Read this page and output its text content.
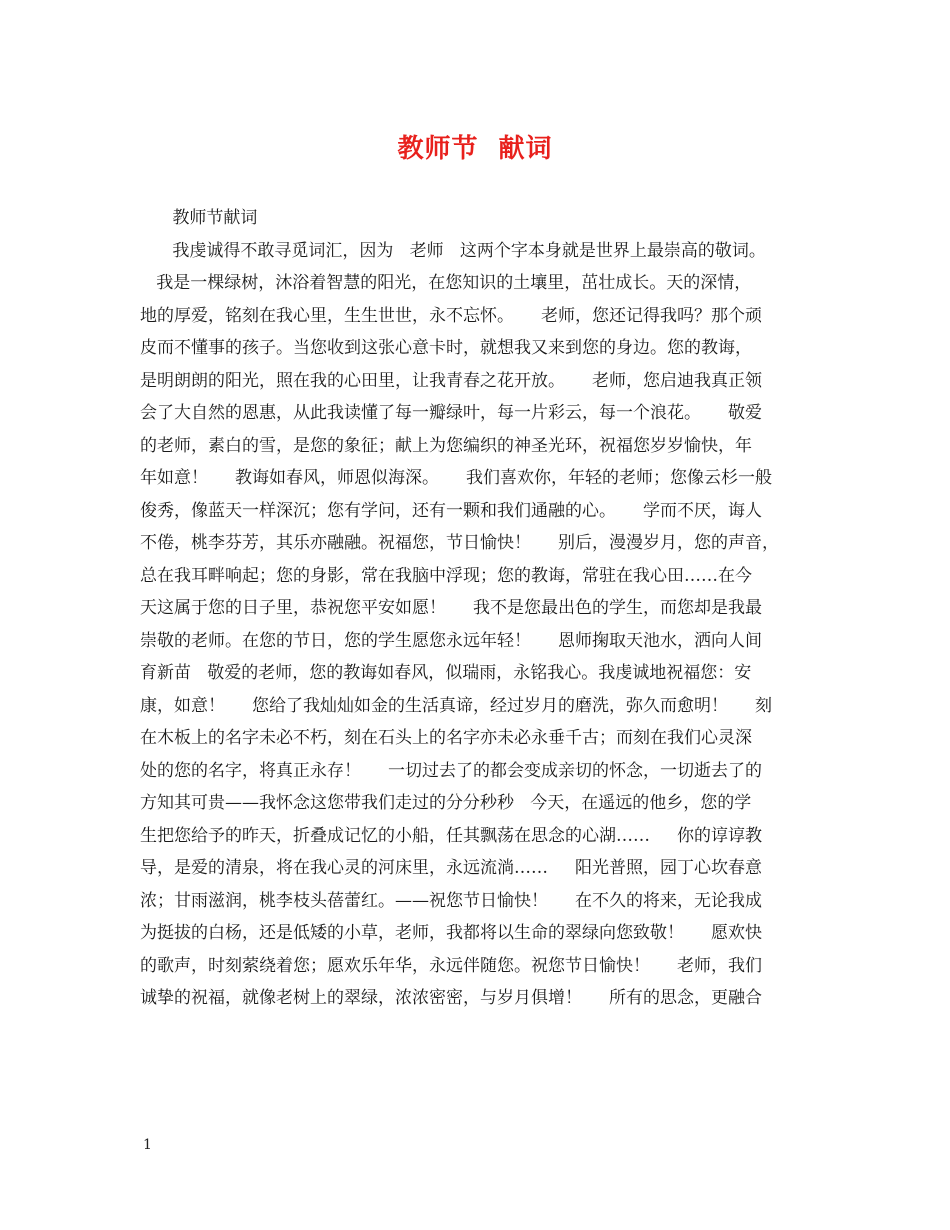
教师节  献词
教师节献词
我虔诚得不敢寻觅词汇，因为   老师   这两个字本身就是世界上最崇高的敬词。
我是一棵绿树，沐浴着智慧的阳光，在您知识的土壤里，茁壮成长。天的深情，
地的厚爱，铭刻在我心里，生生世世，永不忘怀。     老师，您还记得我吗？那个顽
皮而不懂事的孩子。当您收到这张心意卡时，就想我又来到您的身边。您的教诲，
是明朗朗的阳光，照在我的心田里，让我青春之花开放。     老师，您启迪我真正领
会了大自然的恩惠，从此我读懂了每一瓣绿叶，每一片彩云，每一个浪花。     敬爱
的老师，素白的雪，是您的象征；献上为您编织的神圣光环，祝福您岁岁愉快，年
年如意！     教诲如春风，师恩似海深。     我们喜欢你，年轻的老师；您像云杉一般
俊秀，像蓝天一样深沉；您有学问，还有一颗和我们通融的心。     学而不厌，诲人
不倦，桃李芬芳，其乐亦融融。祝福您，节日愉快！     别后，漫漫岁月，您的声音，
总在我耳畔响起；您的身影，常在我脑中浮现；您的教诲，常驻在我心田……在今
天这属于您的日子里，恭祝您平安如愿！     我不是您最出色的学生，而您却是我最
崇敬的老师。在您的节日，您的学生愿您永远年轻！     恩师掬取天池水，洒向人间
育新苗   敬爱的老师，您的教诲如春风，似瑞雨，永铭我心。我虔诚地祝福您：安
康，如意！     您给了我灿灿如金的生活真谛，经过岁月的磨洗，弥久而愈明！     刻
在木板上的名字未必不朽，刻在石头上的名字亦未必永垂千古；而刻在我们心灵深
处的您的名字，将真正永存！     一切过去了的都会变成亲切的怀念，一切逝去了的
方知其可贵——我怀念这您带我们走过的分分秒秒   今天，在遥远的他乡，您的学
生把您给予的昨天，折叠成记忆的小船，任其飘荡在思念的心湖……     你的谆谆教
导，是爱的清泉，将在我心灵的河床里，永远流淌……     阳光普照，园丁心坎春意
浓；甘雨滋润，桃李枝头蓓蕾红。——祝您节日愉快！     在不久的将来，无论我成
为挺拔的白杨，还是低矮的小草，老师，我都将以生命的翠绿向您致敬！     愿欢快
的歌声，时刻萦绕着您；愿欢乐年华，永远伴随您。祝您节日愉快！     老师，我们
诚挚的祝福，就像老树上的翠绿，浓浓密密，与岁月俱增！     所有的思念，更融合
1
